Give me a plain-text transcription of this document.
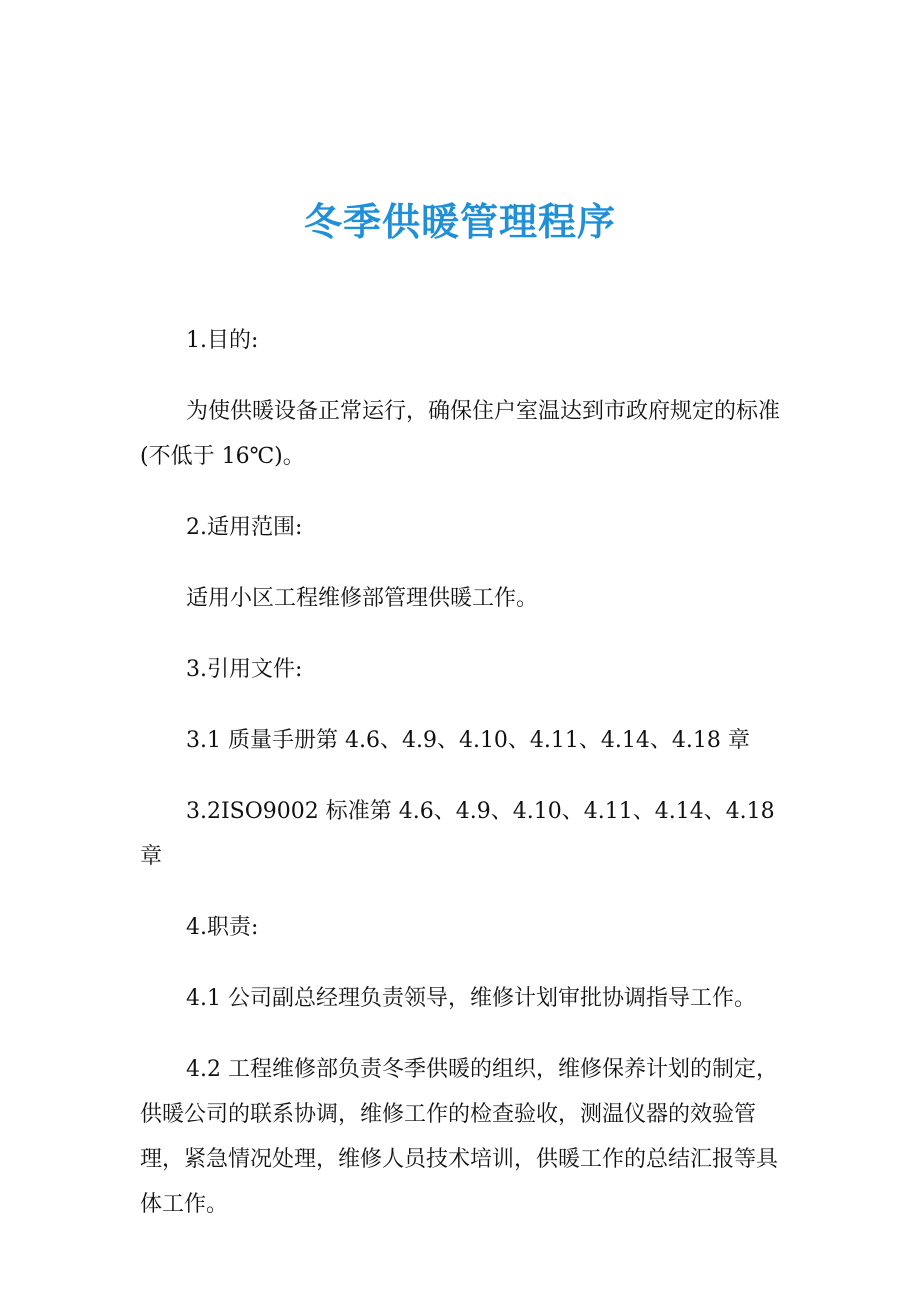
冬季供暖管理程序

1.目的:

为使供暖设备正常运行，确保住户室温达到市政府规定的标准(不低于 16℃)。

2.适用范围:

适用小区工程维修部管理供暖工作。

3.引用文件:

3.1 质量手册第 4.6、4.9、4.10、4.11、4.14、4.18 章

3.2ISO9002 标准第 4.6、4.9、4.10、4.11、4.14、4.18 章

4.职责:

4.1 公司副总经理负责领导，维修计划审批协调指导工作。

4.2 工程维修部负责冬季供暖的组织，维修保养计划的制定，供暖公司的联系协调，维修工作的检查验收，测温仪器的效验管理，紧急情况处理，维修人员技术培训，供暖工作的总结汇报等具体工作。
